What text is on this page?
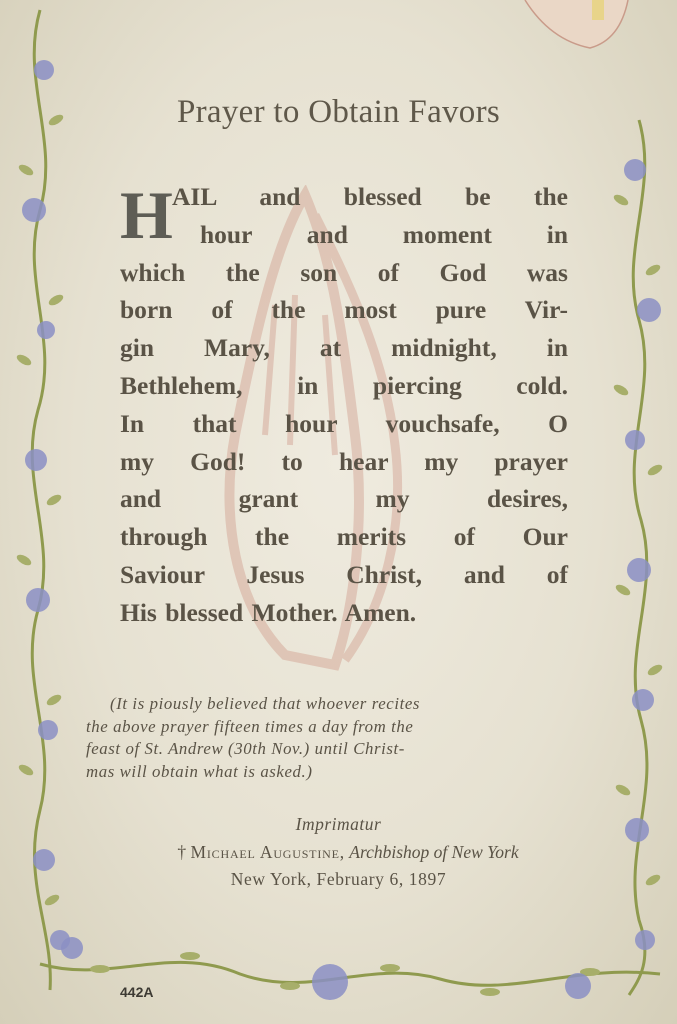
Prayer to Obtain Favors
H AIL and blessed be the
hour and moment in
which the son of God was
born of the most pure Vir-
gin Mary, at midnight, in
Bethlehem, in piercing cold.
In that hour vouchsafe, O
my God! to hear my prayer
and grant my desires,
through the merits of Our
Saviour Jesus Christ, and of
His blessed Mother. Amen.
(It is piously believed that whoever recites
the above prayer fifteen times a day from the
feast of St. Andrew (30th Nov.) until Christ-
mas will obtain what is asked.)
Imprimatur
† Michael Augustine, Archbishop of New York
New York, February 6, 1897
442A
